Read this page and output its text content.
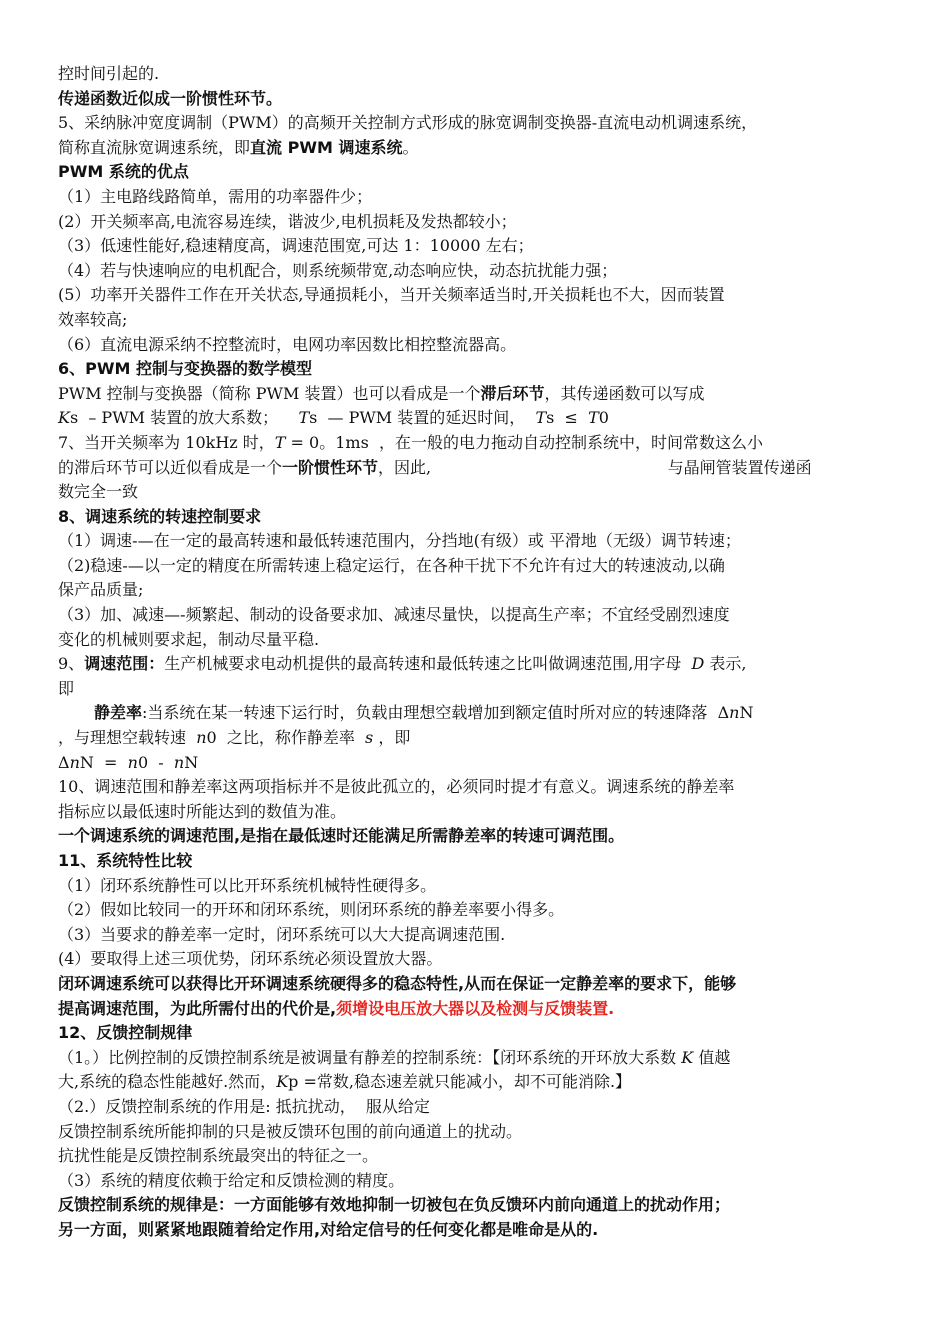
控时间引起的.
传递函数近似成一阶惯性环节。
5、采纳脉冲宽度调制（PWM）的高频开关控制方式形成的脉宽调制变换器-直流电动机调速系统，
简称直流脉宽调速系统，即直流 PWM 调速系统。
PWM 系统的优点
（1）主电路线路简单，需用的功率器件少；
(2）开关频率高,电流容易连续，谐波少,电机损耗及发热都较小；
（3）低速性能好,稳速精度高，调速范围宽,可达 1：10000 左右；
（4）若与快速响应的电机配合，则系统频带宽,动态响应快，动态抗扰能力强；
(5）功率开关器件工作在开关状态,导通损耗小，当开关频率适当时,开关损耗也不大，因而装置
效率较高;
（6）直流电源采纳不控整流时，电网功率因数比相控整流器高。
6、PWM 控制与变换器的数学模型
PWM 控制与变换器（简称 PWM 装置）也可以看成是一个滞后环节，其传递函数可以写成
Ks  – PWM 装置的放大系数；    Ts  — PWM 装置的延迟时间，  Ts  ≤  T0
7、当开关频率为 10kHz 时，T = 0。1ms  ，在一般的电力拖动自动控制系统中，时间常数这么小
的滞后环节可以近似看成是一个一阶惯性环节，因此,	与晶闸管装置传递函
数完全一致
8、调速系统的转速控制要求
（1）调速-—在一定的最高转速和最低转速范围内，分挡地(有级）或 平滑地（无级）调节转速；
（2)稳速-—以一定的精度在所需转速上稳定运行，在各种干扰下不允许有过大的转速波动,以确
保产品质量;
（3）加、减速—-频繁起、制动的设备要求加、减速尽量快，以提高生产率；不宜经受剧烈速度
变化的机械则要求起，制动尽量平稳.
9、调速范围：生产机械要求电动机提供的最高转速和最低转速之比叫做调速范围,用字母  D 表示,
即
静差率:当系统在某一转速下运行时，负载由理想空载增加到额定值时所对应的转速降落  ΔnN
，与理想空载转速  n0  之比，称作静差率  s ，即
ΔnN  =  n0  -  nN
10、调速范围和静差率这两项指标并不是彼此孤立的，必须同时提才有意义。调速系统的静差率
指标应以最低速时所能达到的数值为准。
一个调速系统的调速范围,是指在最低速时还能满足所需静差率的转速可调范围。
11、系统特性比较
（1）闭环系统静性可以比开环系统机械特性硬得多。
（2）假如比较同一的开环和闭环系统，则闭环系统的静差率要小得多。
（3）当要求的静差率一定时，闭环系统可以大大提高调速范围.
(4）要取得上述三项优势，闭环系统必须设置放大器。
闭环调速系统可以获得比开环调速系统硬得多的稳态特性,从而在保证一定静差率的要求下，能够
提高调速范围，为此所需付出的代价是,须增设电压放大器以及检测与反馈装置.
12、反馈控制规律
（1。）比例控制的反馈控制系统是被调量有静差的控制系统：【闭环系统的开环放大系数 K 值越
大,系统的稳态性能越好.然而，Kp =常数,稳态速差就只能减小，却不可能消除.】
（2.）反馈控制系统的作用是: 抵抗扰动，  服从给定
反馈控制系统所能抑制的只是被反馈环包围的前向通道上的扰动。
抗扰性能是反馈控制系统最突出的特征之一。
（3）系统的精度依赖于给定和反馈检测的精度。
反馈控制系统的规律是：一方面能够有效地抑制一切被包在负反馈环内前向通道上的扰动作用；
另一方面，则紧紧地跟随着给定作用,对给定信号的任何变化都是唯命是从的.
